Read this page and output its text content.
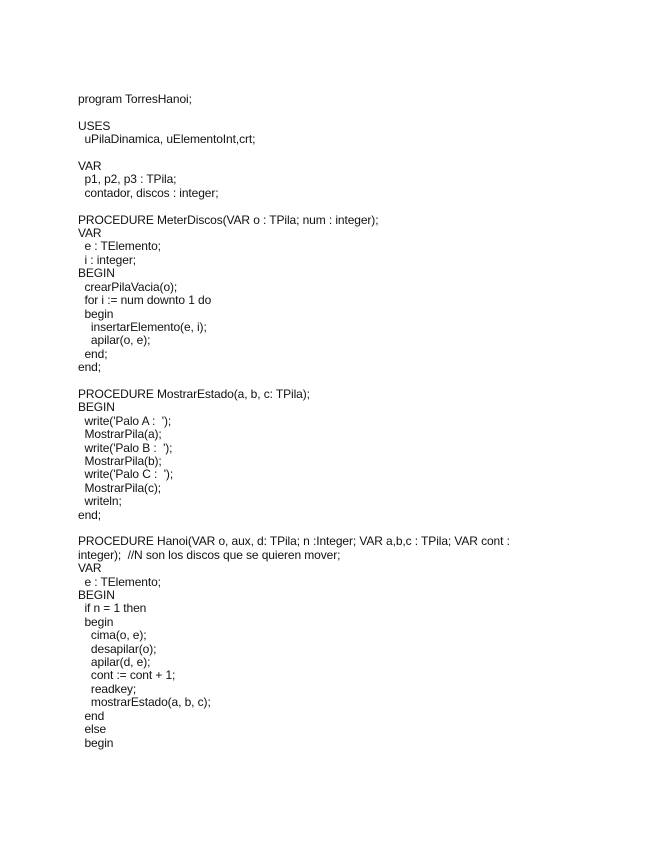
program TorresHanoi;
USES
uPilaDinamica, uElementoInt,crt;
VAR
p1, p2, p3 : TPila;
contador, discos : integer;
PROCEDURE MeterDiscos(VAR o : TPila; num : integer);
VAR
e : TElemento;
i : integer;
BEGIN
crearPilaVacia(o);
for i := num downto 1 do
begin
insertarElemento(e, i);
apilar(o, e);
end;
end;
PROCEDURE MostrarEstado(a, b, c: TPila);
BEGIN
write('Palo A :  ');
MostrarPila(a);
write('Palo B :  ');
MostrarPila(b);
write('Palo C :  ');
MostrarPila(c);
writeln;
end;
PROCEDURE Hanoi(VAR o, aux, d: TPila; n :Integer; VAR a,b,c : TPila; VAR cont :
integer);  //N son los discos que se quieren mover;
VAR
e : TElemento;
BEGIN
if n = 1 then
begin
cima(o, e);
desapilar(o);
apilar(d, e);
cont := cont + 1;
readkey;
mostrarEstado(a, b, c);
end
else
begin
